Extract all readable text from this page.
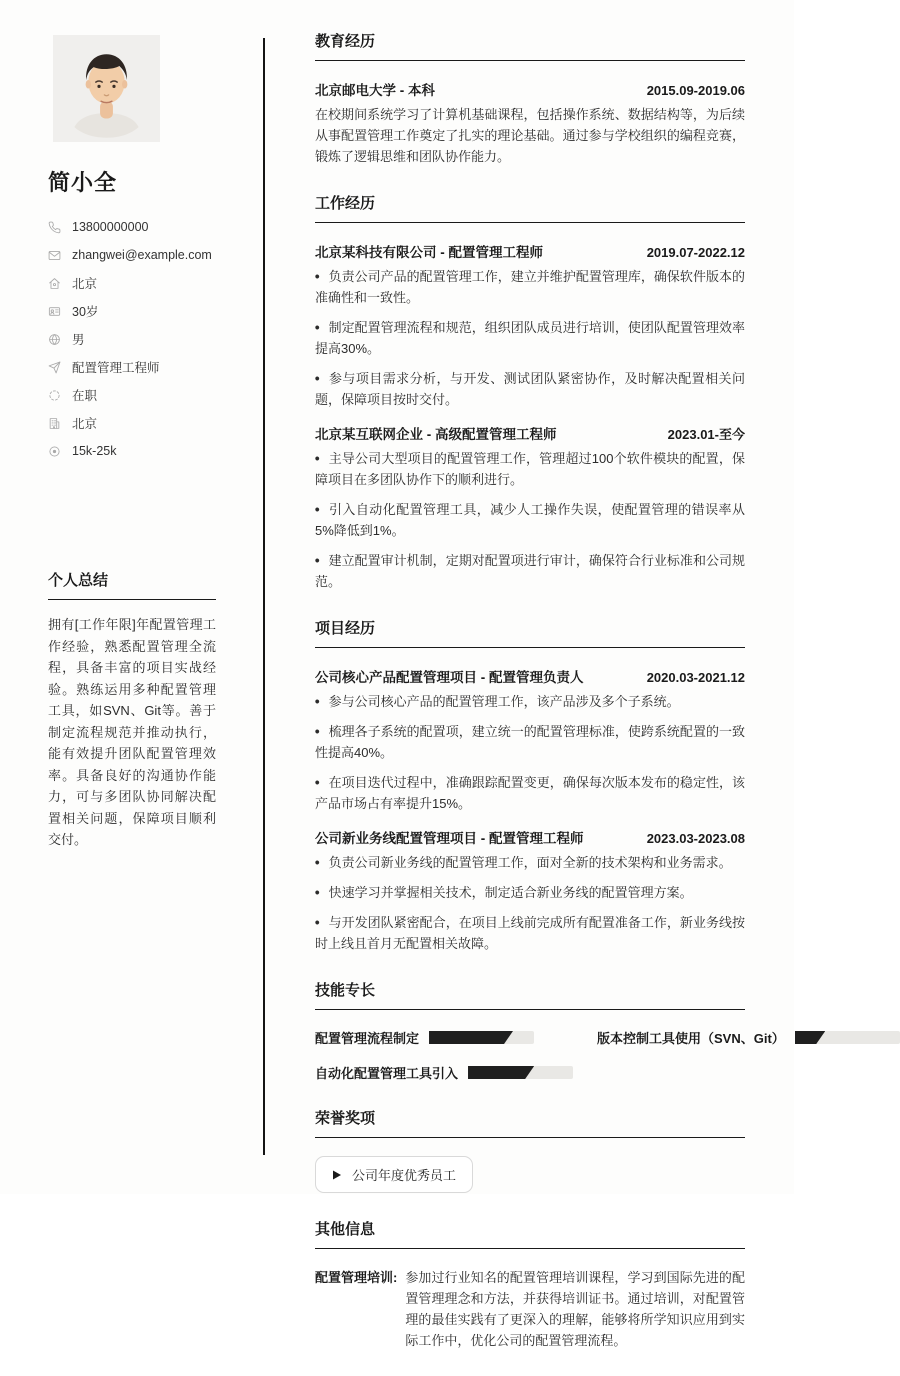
简小全
13800000000
zhangwei@example.com
北京
30岁
男
配置管理工程师
在职
北京
15k-25k
个人总结

拥有[工作年限]年配置管理工作经验，熟悉配置管理全流程，具备丰富的项目实战经验。熟练运用多种配置管理工具，如SVN、Git等。善于制定流程规范并推动执行，能有效提升团队配置管理效率。具备良好的沟通协作能力，可与多团队协同解决配置相关问题，保障项目顺利交付。

教育经历
北京邮电大学 - 本科	2015.09-2019.06

在校期间系统学习了计算机基础课程，包括操作系统、数据结构等，为后续从事配置管理工作奠定了扎实的理论基础。通过参与学校组织的编程竞赛，锻炼了逻辑思维和团队协作能力。

工作经历
北京某科技有限公司 - 配置管理工程师	2019.07-2022.12

• 负责公司产品的配置管理工作，建立并维护配置管理库，确保软件版本的准确性和一致性。

• 制定配置管理流程和规范，组织团队成员进行培训，使团队配置管理效率提高30%。

• 参与项目需求分析，与开发、测试团队紧密协作，及时解决配置相关问题，保障项目按时交付。

北京某互联网企业 - 高级配置管理工程师	2023.01-至今

• 主导公司大型项目的配置管理工作，管理超过100个软件模块的配置，保障项目在多团队协作下的顺利进行。

• 引入自动化配置管理工具，减少人工操作失误，使配置管理的错误率从5%降低到1%。

• 建立配置审计机制，定期对配置项进行审计，确保符合行业标准和公司规范。

项目经历
公司核心产品配置管理项目 - 配置管理负责人	2020.03-2021.12

• 参与公司核心产品的配置管理工作，该产品涉及多个子系统。

• 梳理各子系统的配置项，建立统一的配置管理标准，使跨系统配置的一致性提高40%。

• 在项目迭代过程中，准确跟踪配置变更，确保每次版本发布的稳定性，该产品市场占有率提升15%。

公司新业务线配置管理项目 - 配置管理工程师	2023.03-2023.08

• 负责公司新业务线的配置管理工作，面对全新的技术架构和业务需求。

• 快速学习并掌握相关技术，制定适合新业务线的配置管理方案。

• 与开发团队紧密配合，在项目上线前完成所有配置准备工作，新业务线按时上线且首月无配置相关故障。

技能专长
配置管理流程制定	版本控制工具使用（SVN、Git）
自动化配置管理工具引入
荣誉奖项
公司年度优秀员工
其他信息
配置管理培训: 参加过行业知名的配置管理培训课程，学习到国际先进的配置管理理念和方法，并获得培训证书。通过培训，对配置管理的最佳实践有了更深入的理解，能够将所学知识应用到实际工作中，优化公司的配置管理流程。
